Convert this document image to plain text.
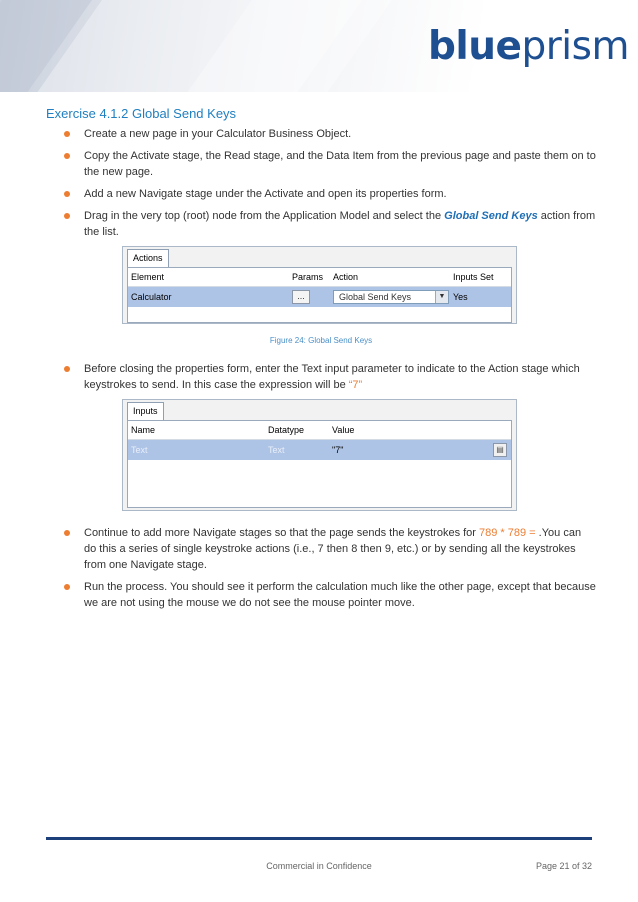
blueprism
Exercise 4.1.2 Global Send Keys
Create a new page in your Calculator Business Object.
Copy the Activate stage, the Read stage, and the Data Item from the previous page and paste them on to the new page.
Add a new Navigate stage under the Activate and open its properties form.
Drag in the very top (root) node from the Application Model and select the Global Send Keys action from the list.
Actions
Element	Params	Action	Inputs Set
Calculator	...	Global Send Keys	▼ Yes
Figure 24: Global Send Keys
Before closing the properties form, enter the Text input parameter to indicate to the Action stage which keystrokes to send. In this case the expression will be “7”
Inputs
Name	Datatype	Value
Text	Text	"7"	▤
Continue to add more Navigate stages so that the page sends the keystrokes for 789 * 789 = .You can do this a series of single keystroke actions (i.e., 7 then 8 then 9, etc.) or by sending all the keystrokes from one Navigate stage.
Run the process. You should see it perform the calculation much like the other page, except that because we are not using the mouse we do not see the mouse pointer move.
Commercial in Confidence	Page 21 of 32
